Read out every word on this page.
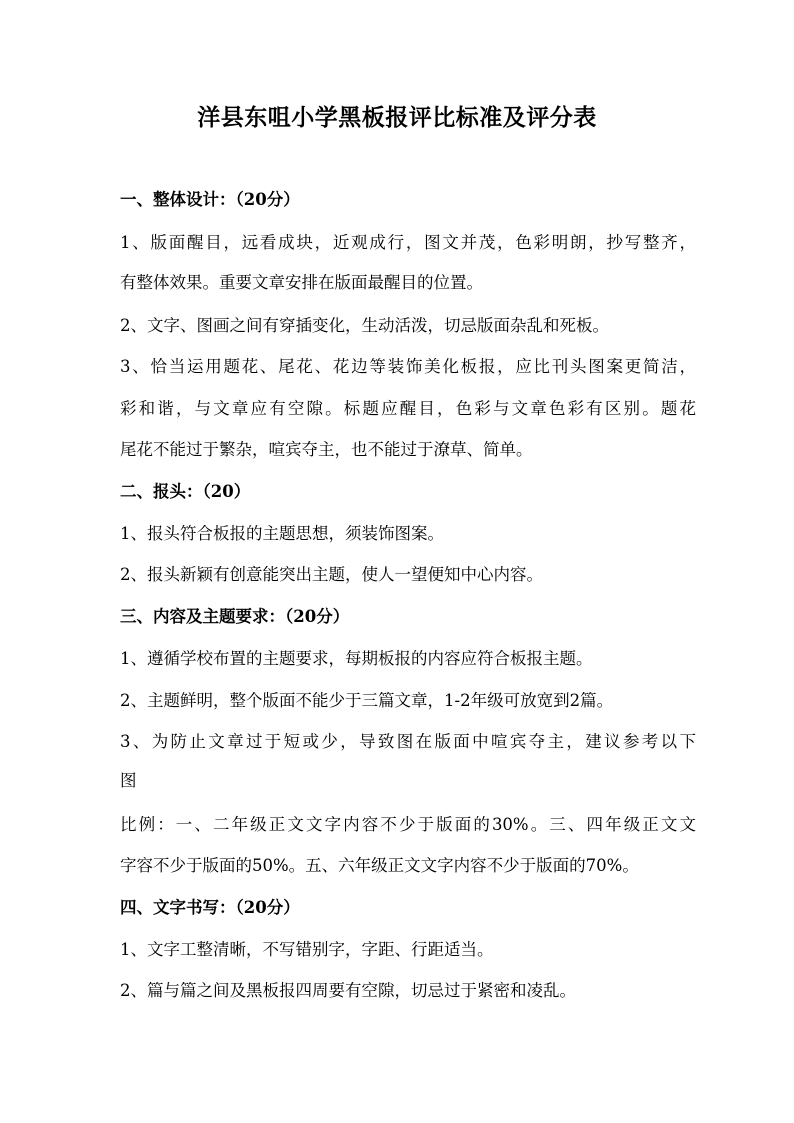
洋县东咀小学黑板报评比标准及评分表
一、整体设计：（20分）
1、版面醒目，远看成块，近观成行，图文并茂，色彩明朗，抄写整齐，
有整体效果。重要文章安排在版面最醒目的位置。
2、文字、图画之间有穿插变化，生动活泼，切忌版面杂乱和死板。
3、恰当运用题花、尾花、花边等装饰美化板报，应比刊头图案更简洁，
彩和谐，与文章应有空隙。标题应醒目，色彩与文章色彩有区别。题花
尾花不能过于繁杂，喧宾夺主，也不能过于潦草、简单。
二、报头：（20）
1、报头符合板报的主题思想，须装饰图案。
2、报头新颖有创意能突出主题，使人一望便知中心内容。
三、内容及主题要求：（20分）
1、遵循学校布置的主题要求，每期板报的内容应符合板报主题。
2、主题鲜明，整个版面不能少于三篇文章，1-2年级可放宽到2篇。
3、为防止文章过于短或少，导致图在版面中喧宾夺主，建议参考以下
图
比例：一、二年级正文文字内容不少于版面的30%。三、四年级正文文
字容不少于版面的50%。五、六年级正文文字内容不少于版面的70%。
四、文字书写：（20分）
1、文字工整清晰，不写错别字，字距、行距适当。
2、篇与篇之间及黑板报四周要有空隙，切忌过于紧密和凌乱。
